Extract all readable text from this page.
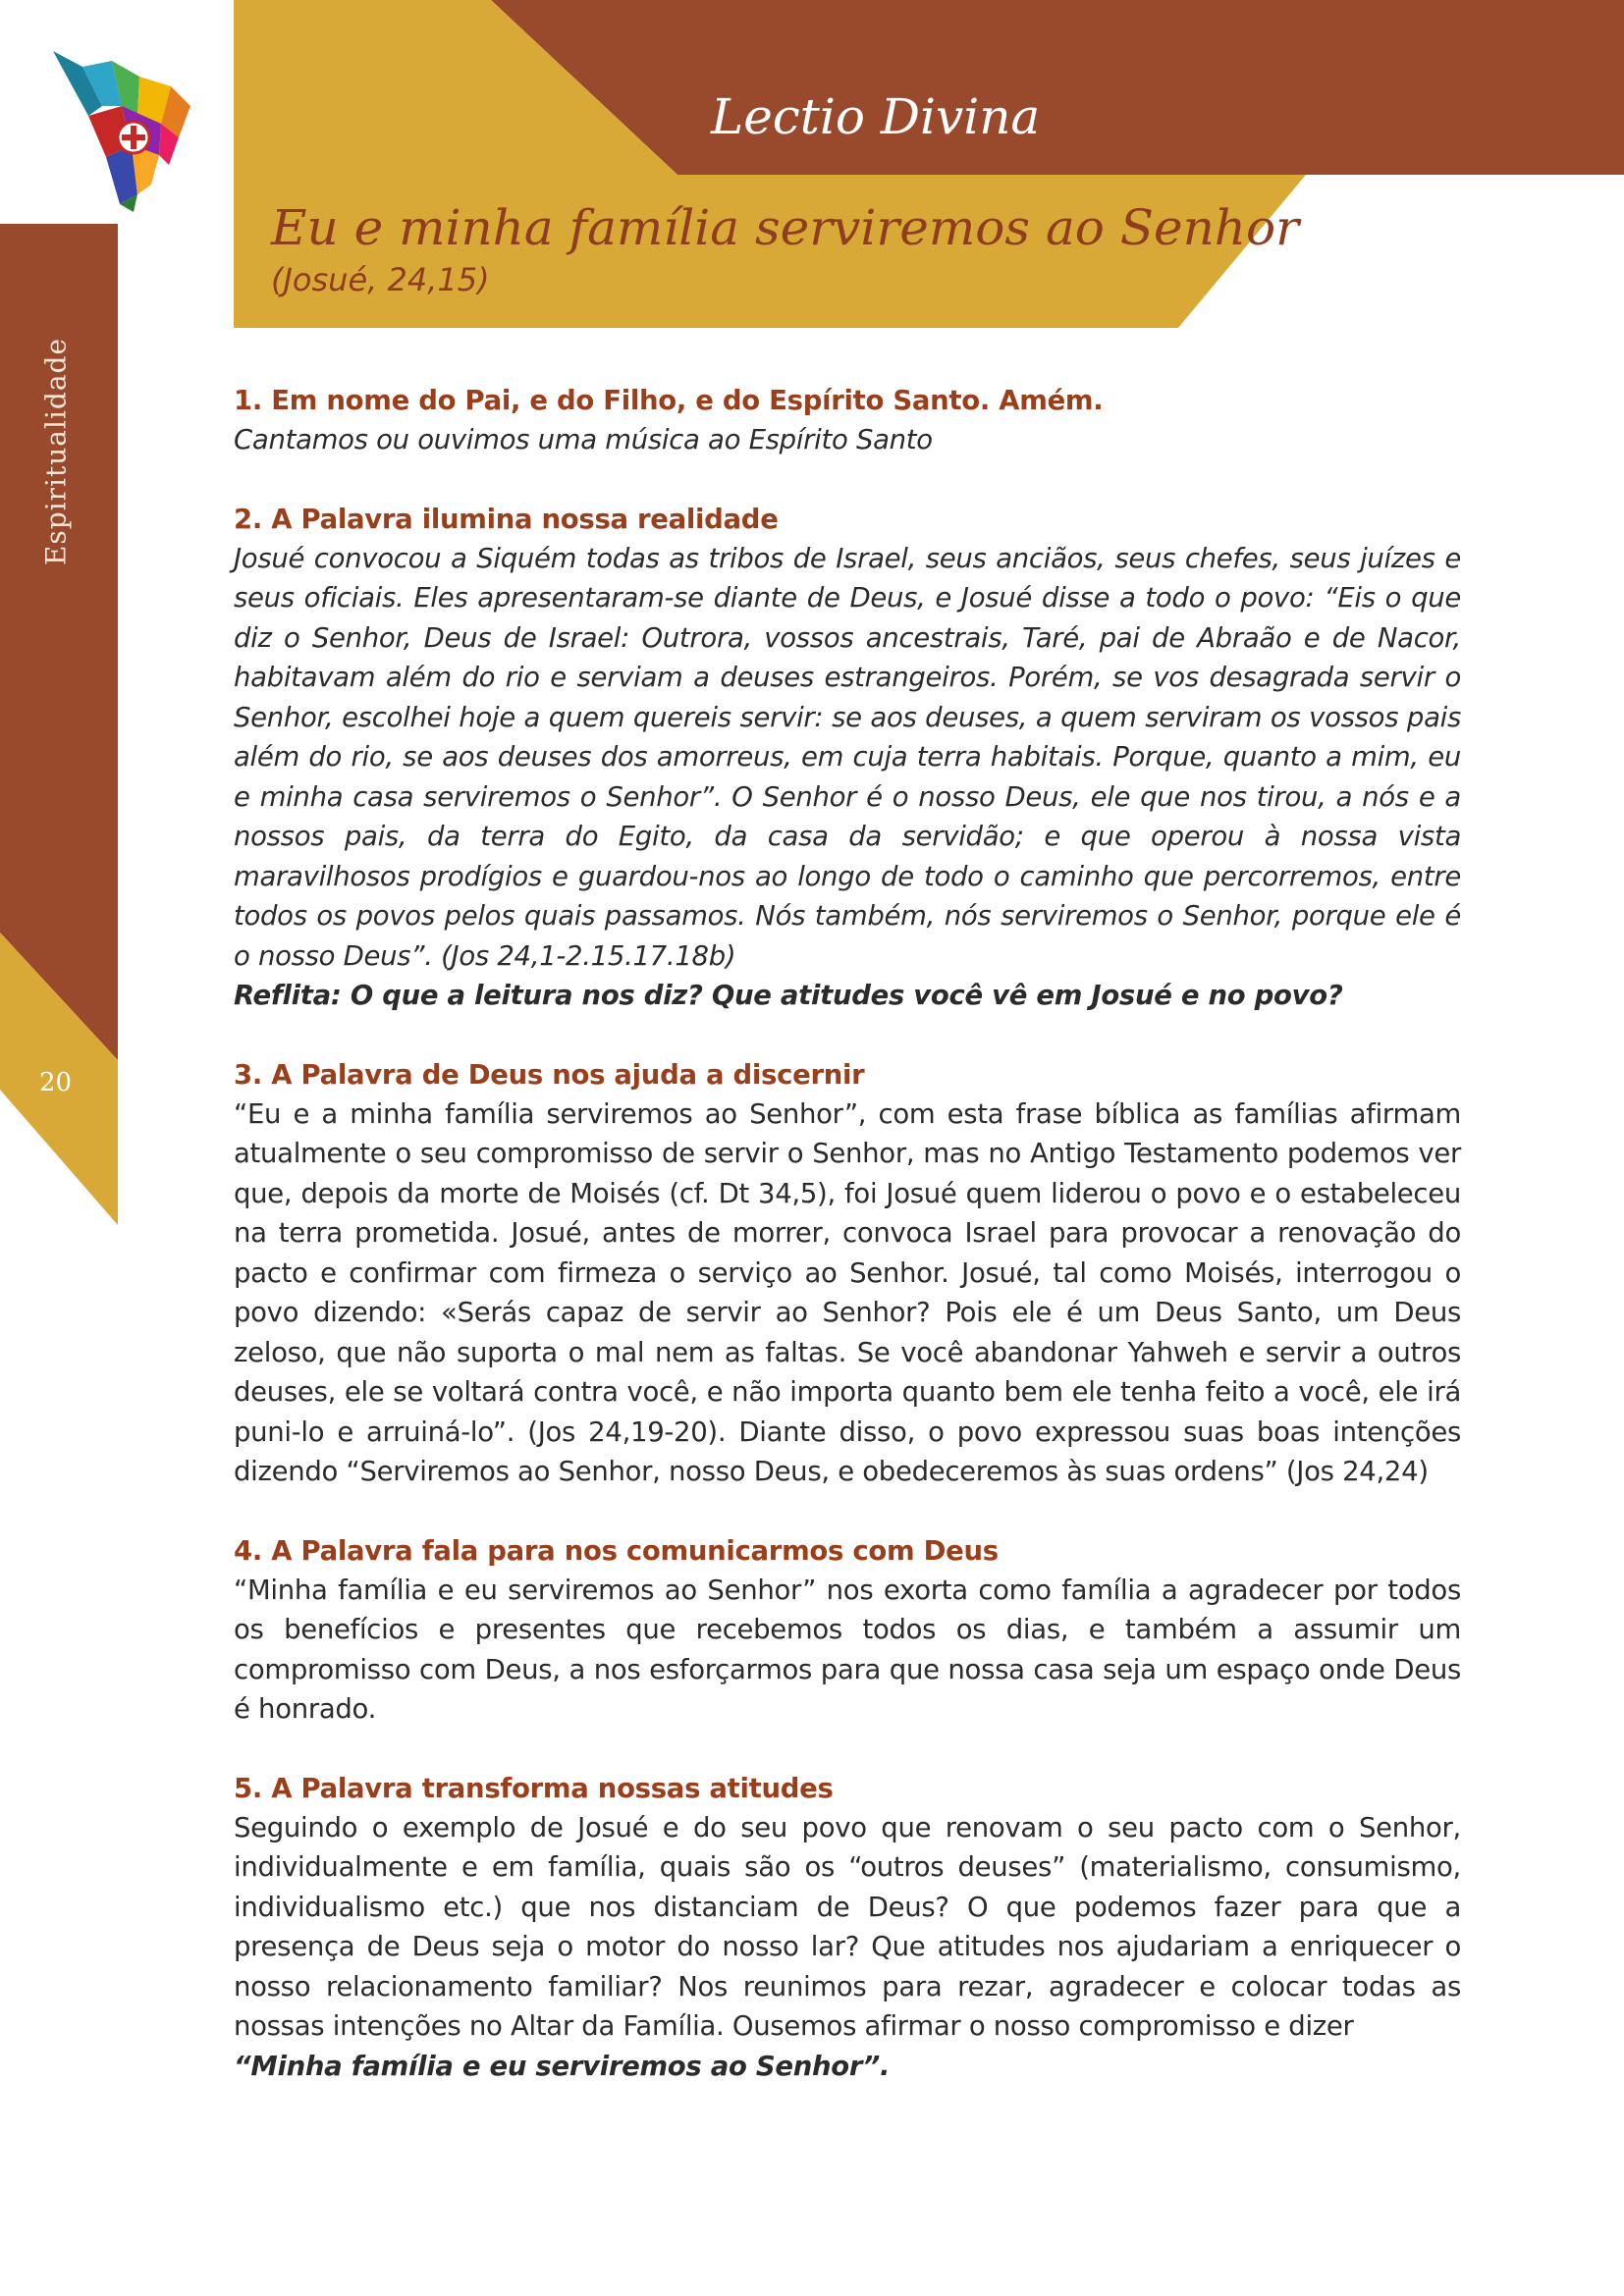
Espiritualidade
20
Lectio Divina
Eu e minha família serviremos ao Senhor
(Josué, 24,15)

1. Em nome do Pai, e do Filho, e do Espírito Santo. Amém.

Cantamos ou ouvimos uma música ao Espírito Santo

2. A Palavra ilumina nossa realidade

Josué convocou a Siquém todas as tribos de Israel, seus anciãos, seus chefes, seus juízes e seus oficiais. Eles apresentaram-se diante de Deus, e Josué disse a todo o povo: “Eis o que diz o Senhor, Deus de Israel: Outrora, vossos ancestrais, Taré, pai de Abraão e de Nacor, habitavam além do rio e serviam a deuses estrangeiros. Porém, se vos desagrada servir o Senhor, escolhei hoje a quem quereis servir: se aos deuses, a quem serviram os vossos pais além do rio, se aos deuses dos amorreus, em cuja terra habitais. Porque, quanto a mim, eu e minha casa serviremos o Senhor”. O Senhor é o nosso Deus, ele que nos tirou, a nós e a nossos pais, da terra do Egito, da casa da servidão; e que operou à nossa vista maravilhosos prodígios e guardou-nos ao longo de todo o caminho que percorremos, entre todos os povos pelos quais passamos. Nós também, nós serviremos o Senhor, porque ele é o nosso Deus”. (Jos 24,1-2.15.17.18b)

Reflita: O que a leitura nos diz? Que atitudes você vê em Josué e no povo?

3. A Palavra de Deus nos ajuda a discernir

“Eu e a minha família serviremos ao Senhor”, com esta frase bíblica as famílias afirmam atualmente o seu compromisso de servir o Senhor, mas no Antigo Testamento podemos ver que, depois da morte de Moisés (cf. Dt 34,5), foi Josué quem liderou o povo e o estabeleceu na terra prometida. Josué, antes de morrer, convoca Israel para provocar a renovação do pacto e confirmar com firmeza o serviço ao Senhor. Josué, tal como Moisés, interrogou o povo dizendo: «Serás capaz de servir ao Senhor? Pois ele é um Deus Santo, um Deus zeloso, que não suporta o mal nem as faltas. Se você abandonar Yahweh e servir a outros deuses, ele se voltará contra você, e não importa quanto bem ele tenha feito a você, ele irá puni-lo e arruiná-lo”. (Jos 24,19-20). Diante disso, o povo expressou suas boas intenções dizendo “Serviremos ao Senhor, nosso Deus, e obedeceremos às suas ordens” (Jos 24,24)

4. A Palavra fala para nos comunicarmos com Deus

“Minha família e eu serviremos ao Senhor” nos exorta como família a agradecer por todos os benefícios e presentes que recebemos todos os dias, e também a assumir um compromisso com Deus, a nos esforçarmos para que nossa casa seja um espaço onde Deus é honrado.

5. A Palavra transforma nossas atitudes

Seguindo o exemplo de Josué e do seu povo que renovam o seu pacto com o Senhor, individualmente e em família, quais são os “outros deuses” (materialismo, consumismo, individualismo etc.) que nos distanciam de Deus? O que podemos fazer para que a presença de Deus seja o motor do nosso lar? Que atitudes nos ajudariam a enriquecer o nosso relacionamento familiar? Nos reunimos para rezar, agradecer e colocar todas as nossas intenções no Altar da Família. Ousemos afirmar o nosso compromisso e dizer

“Minha família e eu serviremos ao Senhor”.
